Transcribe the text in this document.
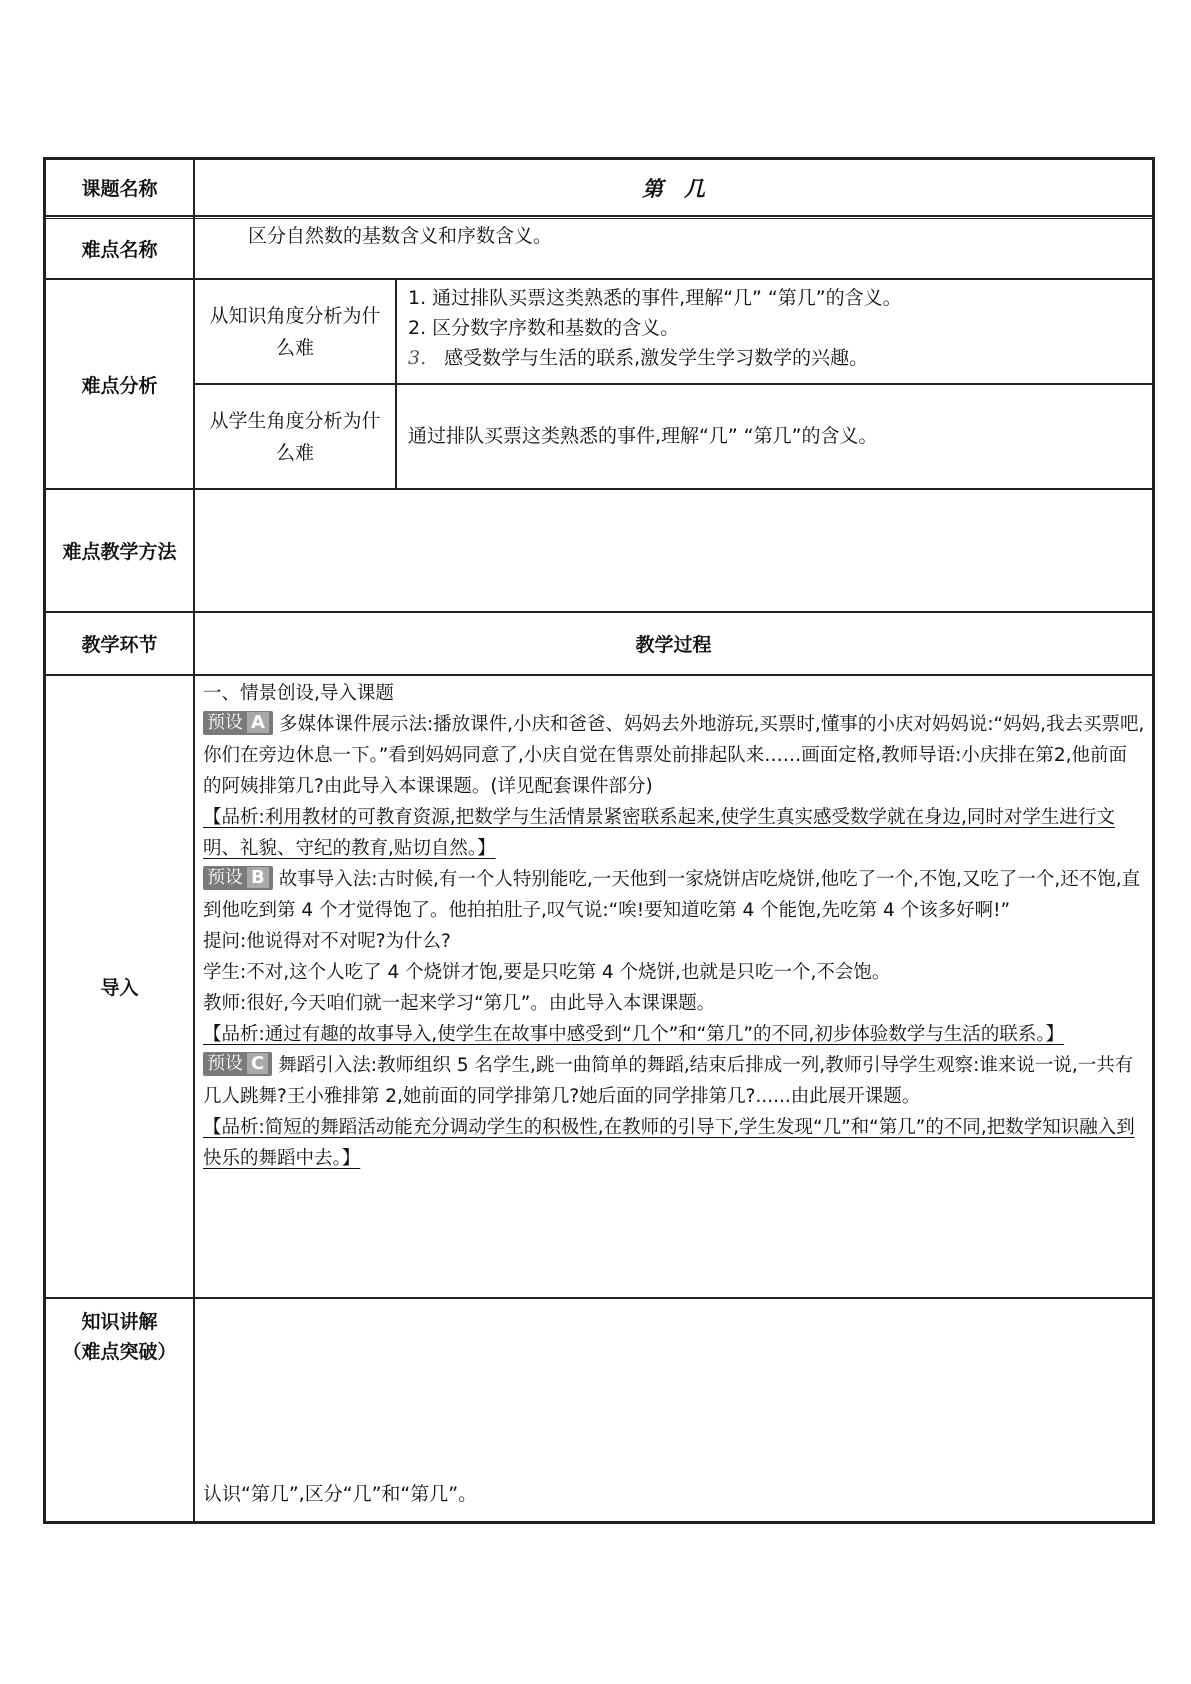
课题名称	第　几
难点名称
区分自然数的基数含义和序数含义。
难点分析
从知识角度分析为什么难
1. 通过排队买票这类熟悉的事件,理解“几” “第几”的含义。
2. 区分数字序数和基数的含义。
3. 感受数学与生活的联系,激发学生学习数学的兴趣。
从学生角度分析为什么难
通过排队买票这类熟悉的事件,理解“几” “第几”的含义。
难点教学方法
教学环节	教学过程
导入
一、情景创设,导入课题
预设 A 多媒体课件展示法:播放课件,小庆和爸爸、妈妈去外地游玩,买票时,懂事的小庆对妈妈说:“妈妈,我去买票吧,你们在旁边休息一下。”看到妈妈同意了,小庆自觉在售票处前排起队来……画面定格,教师导语:小庆排在第2,他前面的阿姨排第几?由此导入本课课题。(详见配套课件部分)
【品析:利用教材的可教育资源,把数学与生活情景紧密联系起来,使学生真实感受数学就在身边,同时对学生进行文明、礼貌、守纪的教育,贴切自然。】
预设 B 故事导入法:古时候,有一个人特别能吃,一天他到一家烧饼店吃烧饼,他吃了一个,不饱,又吃了一个,还不饱,直到他吃到第 4 个才觉得饱了。他拍拍肚子,叹气说:“唉!要知道吃第 4 个能饱,先吃第 4 个该多好啊!”
提问:他说得对不对呢?为什么?
学生:不对,这个人吃了 4 个烧饼才饱,要是只吃第 4 个烧饼,也就是只吃一个,不会饱。
教师:很好,今天咱们就一起来学习“第几”。由此导入本课课题。
【品析:通过有趣的故事导入,使学生在故事中感受到“几个”和“第几”的不同,初步体验数学与生活的联系。】
预设 C 舞蹈引入法:教师组织 5 名学生,跳一曲简单的舞蹈,结束后排成一列,教师引导学生观察:谁来说一说,一共有几人跳舞?王小雅排第 2,她前面的同学排第几?她后面的同学排第几?......由此展开课题。
【品析:简短的舞蹈活动能充分调动学生的积极性,在教师的引导下,学生发现“几”和“第几”的不同,把数学知识融入到快乐的舞蹈中去。】
知识讲解
（难点突破）
认识“第几”,区分“几”和“第几”。
